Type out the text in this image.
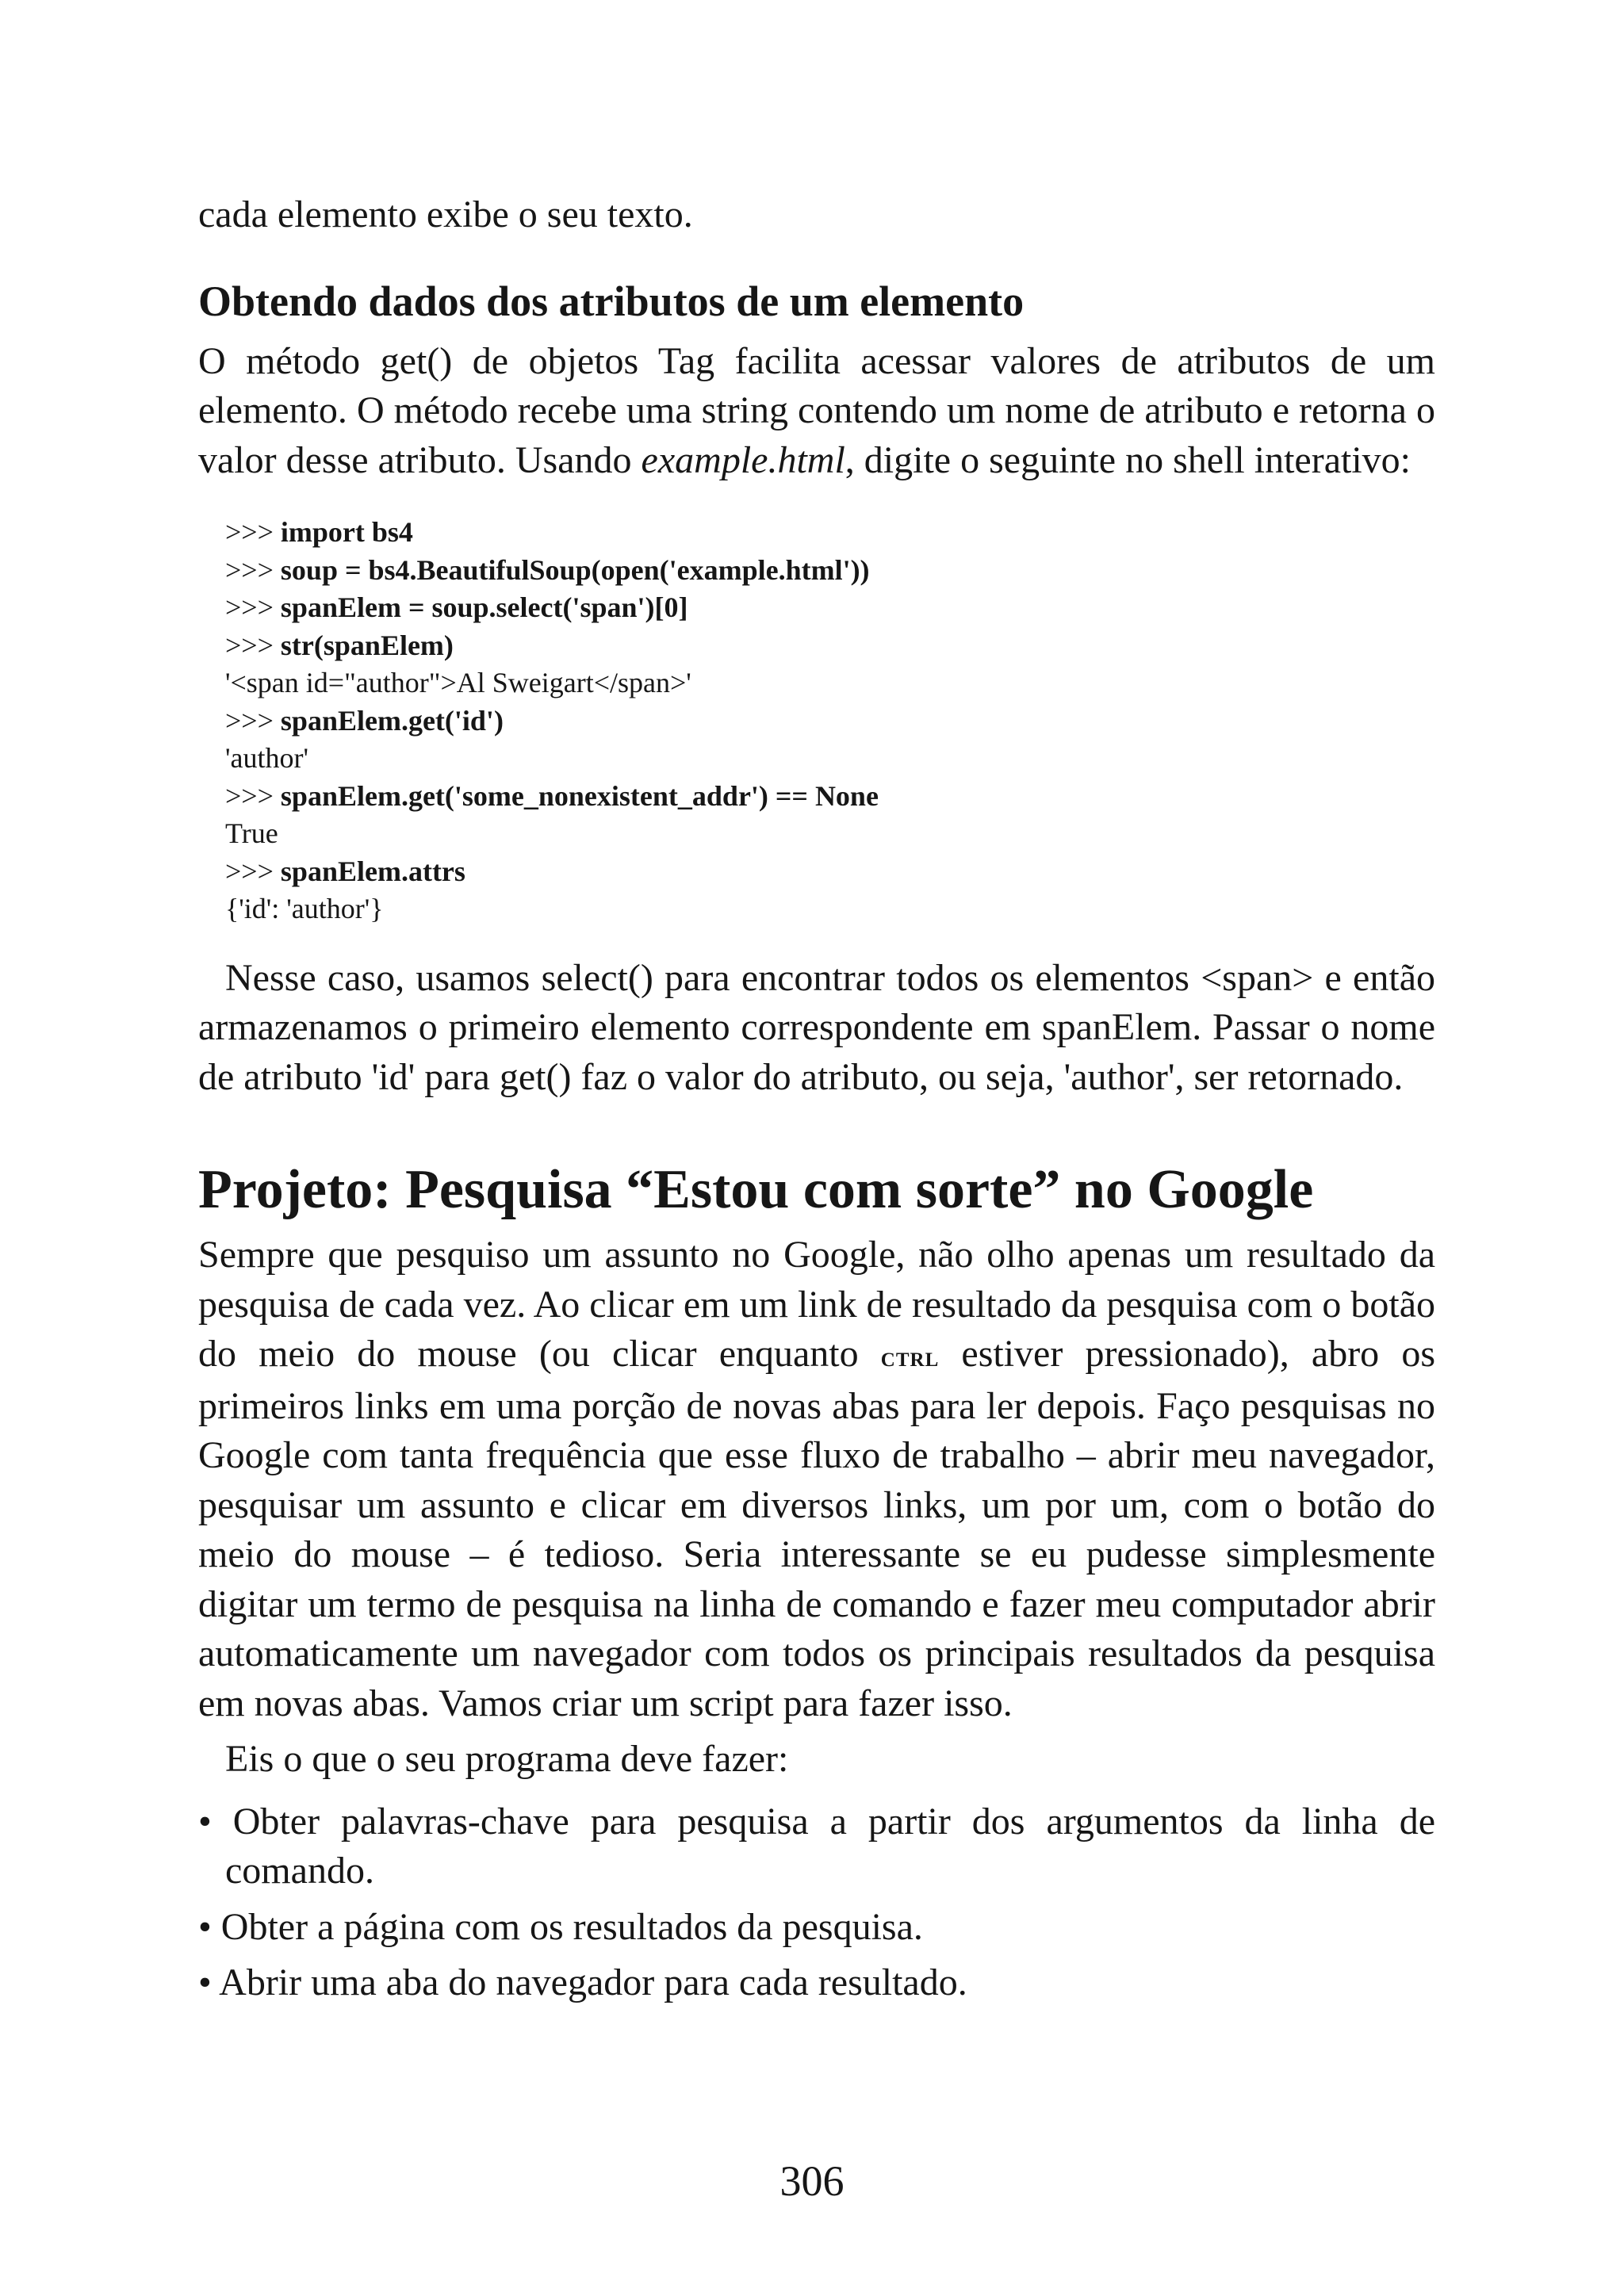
cada elemento exibe o seu texto.

Obtendo dados dos atributos de um elemento

O método get() de objetos Tag facilita acessar valores de atributos de um elemento. O método recebe uma string contendo um nome de atributo e retorna o valor desse atributo. Usando example.html, digite o seguinte no shell interativo:

>>> import bs4
>>> soup = bs4.BeautifulSoup(open('example.html'))
>>> spanElem = soup.select('span')[0]
>>> str(spanElem)
'<span id="author">Al Sweigart</span>'
>>> spanElem.get('id')
'author'
>>> spanElem.get('some_nonexistent_addr') == None
True
>>> spanElem.attrs
{'id': 'author'}

Nesse caso, usamos select() para encontrar todos os elementos <span> e então armazenamos o primeiro elemento correspondente em spanElem. Passar o nome de atributo 'id' para get() faz o valor do atributo, ou seja, 'author', ser retornado.

Projeto: Pesquisa “Estou com sorte” no Google

Sempre que pesquiso um assunto no Google, não olho apenas um resultado da pesquisa de cada vez. Ao clicar em um link de resultado da pesquisa com o botão do meio do mouse (ou clicar enquanto ctrl estiver pressionado), abro os primeiros links em uma porção de novas abas para ler depois. Faço pesquisas no Google com tanta frequência que esse fluxo de trabalho – abrir meu navegador, pesquisar um assunto e clicar em diversos links, um por um, com o botão do meio do mouse – é tedioso. Seria interessante se eu pudesse simplesmente digitar um termo de pesquisa na linha de comando e fazer meu computador abrir automaticamente um navegador com todos os principais resultados da pesquisa em novas abas. Vamos criar um script para fazer isso.

Eis o que o seu programa deve fazer:

• Obter palavras-chave para pesquisa a partir dos argumentos da linha de comando.

• Obter a página com os resultados da pesquisa.

• Abrir uma aba do navegador para cada resultado.

306
